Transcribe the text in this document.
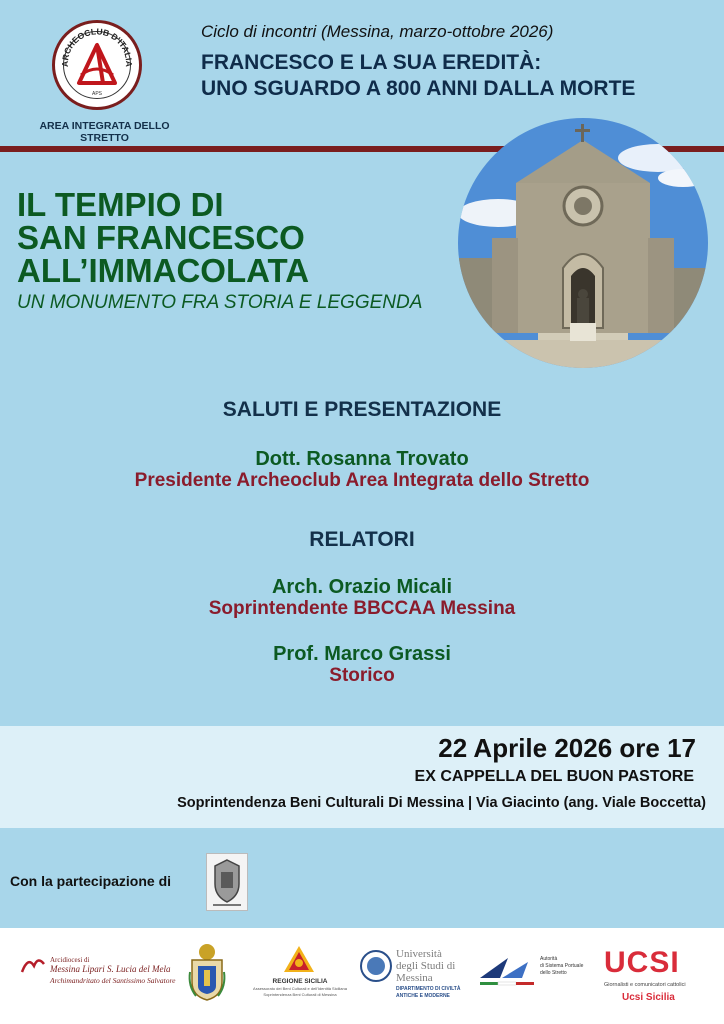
ARCHEOCLUB D'ITALIA
APS
AREA INTEGRATA DELLO STRETTO
Ciclo di incontri (Messina, marzo-ottobre 2026)
FRANCESCO E LA SUA EREDITÀ:
UNO SGUARDO A 800 ANNI DALLA MORTE
IL TEMPIO DI
SAN FRANCESCO
ALL’IMMACOLATA
UN MONUMENTO FRA STORIA E LEGGENDA
SALUTI E PRESENTAZIONE
Dott. Rosanna Trovato
Presidente Archeoclub Area Integrata dello Stretto
RELATORI
Arch. Orazio Micali
Soprintendente BBCCAA Messina
Prof. Marco Grassi
Storico
22 Aprile 2026 ore 17
EX CAPPELLA DEL BUON PASTORE
Soprintendenza Beni Culturali Di Messina | Via Giacinto (ang. Viale Boccetta)
Con la partecipazione di
Arcidiocesi di
Messina Lipari S. Lucia del Mela
Archimandritato del Santissimo Salvatore	REGIONE SICILIA
Assessorato dei Beni Culturali e dell'Identità Siciliana
Soprintendenza Beni Culturali di Messina
Università
degli Studi di
Messina
DIPARTIMENTO DI CIVILTÀ
ANTICHE E MODERNE
Autorità
di Sistema Portuale
dello Stretto UCSI
Giornalisti e comunicatori cattolici
Ucsi Sicilia
